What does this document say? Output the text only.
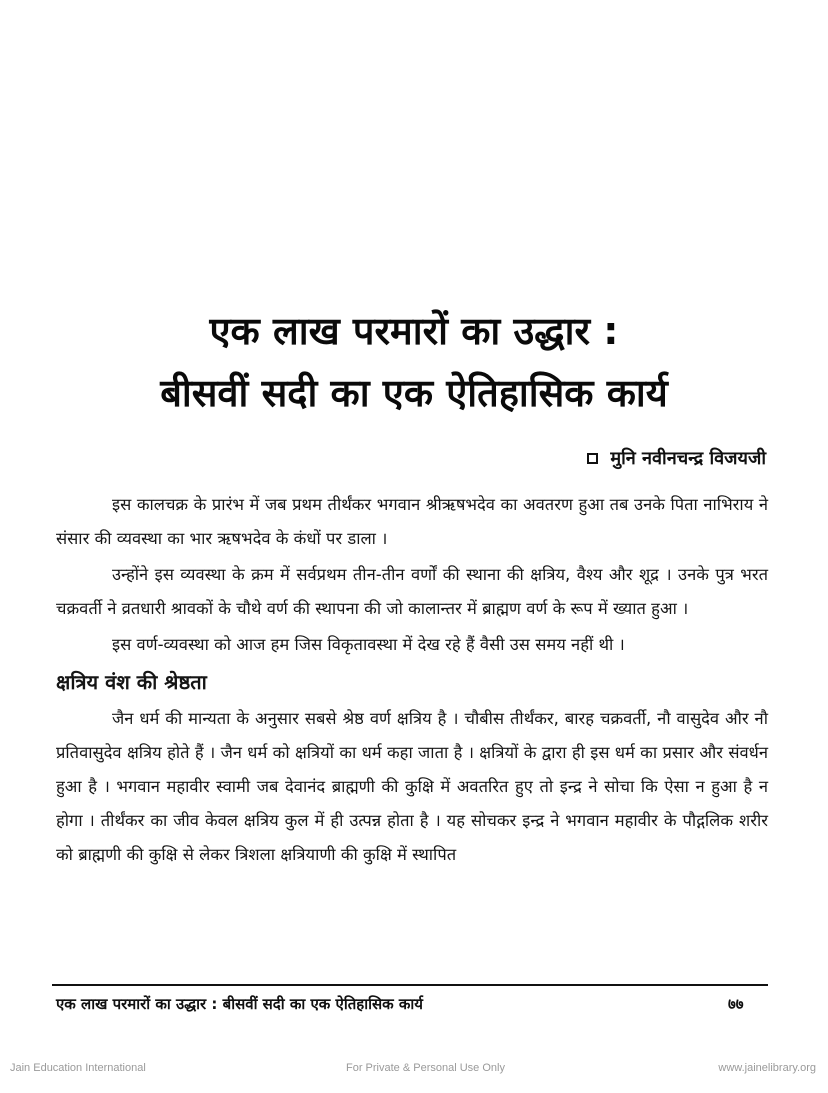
एक लाख परमारों का उद्धार :
बीसवीं सदी का एक ऐतिहासिक कार्य
मुनि नवीनचन्द्र विजयजी

इस कालचक्र के प्रारंभ में जब प्रथम तीर्थंकर भगवान श्रीऋषभदेव का अवतरण हुआ तब उनके पिता नाभिराय ने संसार की व्यवस्था का भार ऋषभदेव के कंधों पर डाला ।

उन्होंने इस व्यवस्था के क्रम में सर्वप्रथम तीन-तीन वर्णों की स्थाना की क्षत्रिय, वैश्य और शूद्र । उनके पुत्र भरत चक्रवर्ती ने व्रतधारी श्रावकों के चौथे वर्ण की स्थापना की जो कालान्तर में ब्राह्मण वर्ण के रूप में ख्यात हुआ ।

इस वर्ण-व्यवस्था को आज हम जिस विकृतावस्था में देख रहे हैं वैसी उस समय नहीं थी ।

क्षत्रिय वंश की श्रेष्ठता

जैन धर्म की मान्यता के अनुसार सबसे श्रेष्ठ वर्ण क्षत्रिय है । चौबीस तीर्थंकर, बारह चक्रवर्ती, नौ वासुदेव और नौ प्रतिवासुदेव क्षत्रिय होते हैं । जैन धर्म को क्षत्रियों का धर्म कहा जाता है । क्षत्रियों के द्वारा ही इस धर्म का प्रसार और संवर्धन हुआ है । भगवान महावीर स्वामी जब देवानंद ब्राह्मणी की कुक्षि में अवतरित हुए तो इन्द्र ने सोचा कि ऐसा न हुआ है न होगा । तीर्थंकर का जीव केवल क्षत्रिय कुल में ही उत्पन्न होता है । यह सोचकर इन्द्र ने भगवान महावीर के पौद्गलिक शरीर को ब्राह्मणी की कुक्षि से लेकर त्रिशला क्षत्रियाणी की कुक्षि में स्थापित

एक लाख परमारों का उद्धार : बीसवीं सदी का एक ऐतिहासिक कार्य	७७
Jain Education International	For Private & Personal Use Only	www.jainelibrary.org
